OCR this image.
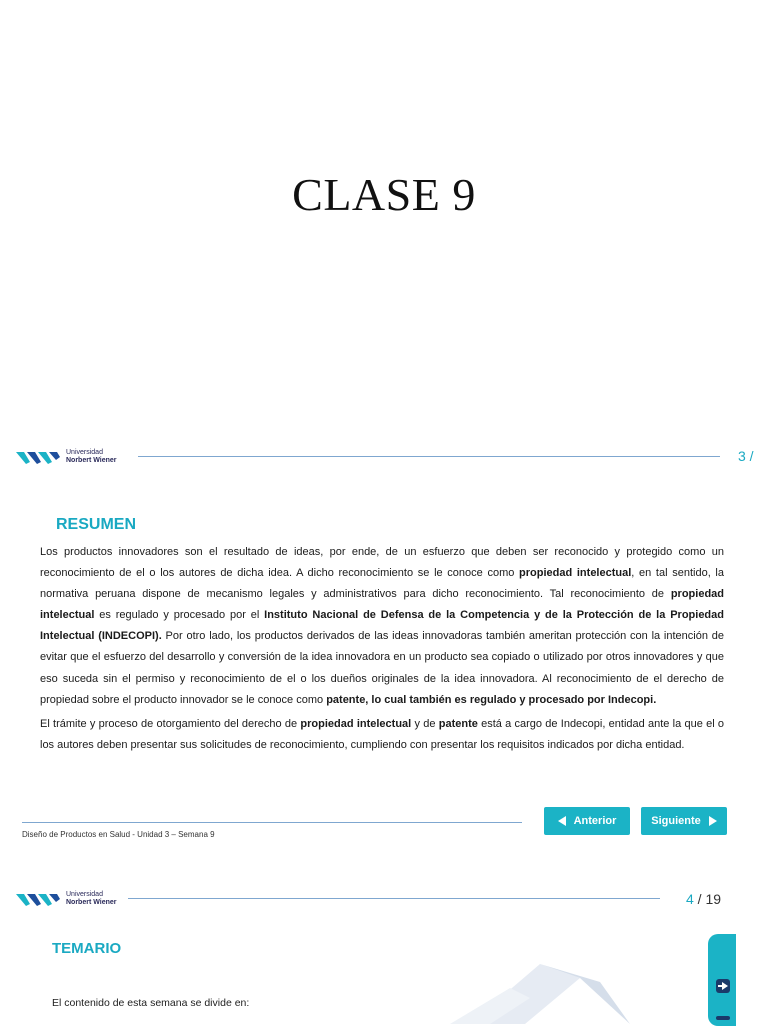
CLASE 9
Universidad
Norbert Wiener	3 /
RESUMEN

Los productos innovadores son el resultado de ideas, por ende, de un esfuerzo que deben ser reconocido y protegido como un reconocimiento de el o los autores de dicha idea. A dicho reconocimiento se le conoce como propiedad intelectual, en tal sentido, la normativa peruana dispone de mecanismo legales y administrativos para dicho reconocimiento. Tal reconocimiento de propiedad intelectual es regulado y procesado por el Instituto Nacional de Defensa de la Competencia y de la Protección de la Propiedad Intelectual (INDECOPI). Por otro lado, los productos derivados de las ideas innovadoras también ameritan protección con la intención de evitar que el esfuerzo del desarrollo y conversión de la idea innovadora en un producto sea copiado o utilizado por otros innovadores y que eso suceda sin el permiso y reconocimiento de el o los dueños originales de la idea innovadora. Al reconocimiento de el derecho de propiedad sobre el producto innovador se le conoce como patente, lo cual también es regulado y procesado por Indecopi.

El trámite y proceso de otorgamiento del derecho de propiedad intelectual y de patente está a cargo de Indecopi, entidad ante la que el o los autores deben presentar sus solicitudes de reconocimiento, cumpliendo con presentar los requisitos indicados por dicha entidad.

Diseño de Productos en Salud - Unidad 3 – Semana 9
Anterior	Siguiente
Universidad
Norbert Wiener	4 / 19
TEMARIO
El contenido de esta semana se divide en:
